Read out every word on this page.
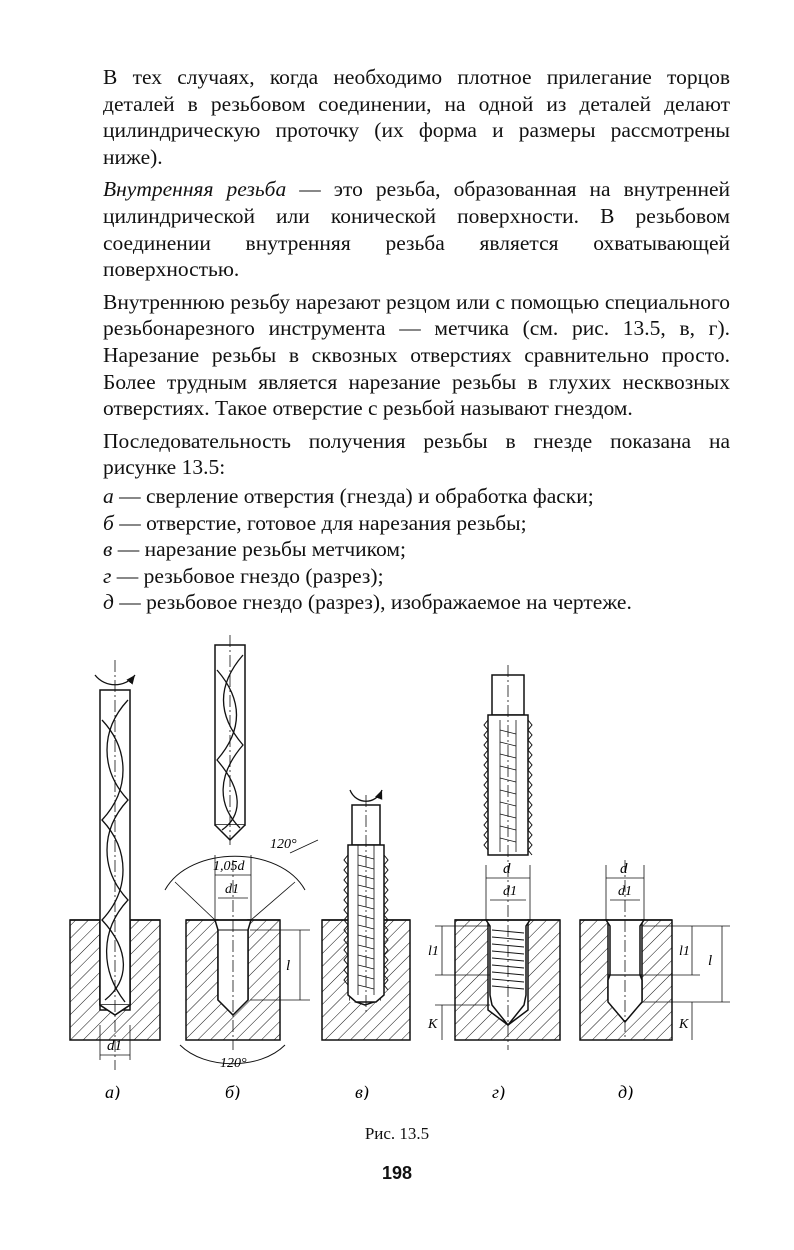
В тех случаях, когда необходимо плотное прилегание торцов деталей в резьбовом соединении, на одной из деталей делают цилиндрическую проточку (их форма и размеры рассмотрены ниже).

Внутренняя резьба — это резьба, образованная на внутренней цилиндрической или конической поверхности. В резьбовом соединении внутренняя резьба является охватывающей поверхностью.

Внутреннюю резьбу нарезают резцом или с помощью специального резьбонарезного инструмента — метчика (см. рис. 13.5, в, г). Нарезание резьбы в сквозных отверстиях сравнительно просто. Более трудным является нарезание резьбы в глухих несквозных отверстиях. Такое отверстие с резьбой называют гнездом.

Последовательность получения резьбы в гнезде показана на рисунке 13.5:

а — сверление отверстия (гнезда) и обработка фаски;
б — отверстие, готовое для нарезания резьбы;
в — нарезание резьбы метчиком;
г — резьбовое гнездо (разрез);
д — резьбовое гнездо (разрез), изображаемое на чертеже.
d1
а)
120°
1,05d
d1
l
120°
б)	в)
d
d1
l1
K
г)
d
d1
l1
l
K
д)
Рис. 13.5
198
